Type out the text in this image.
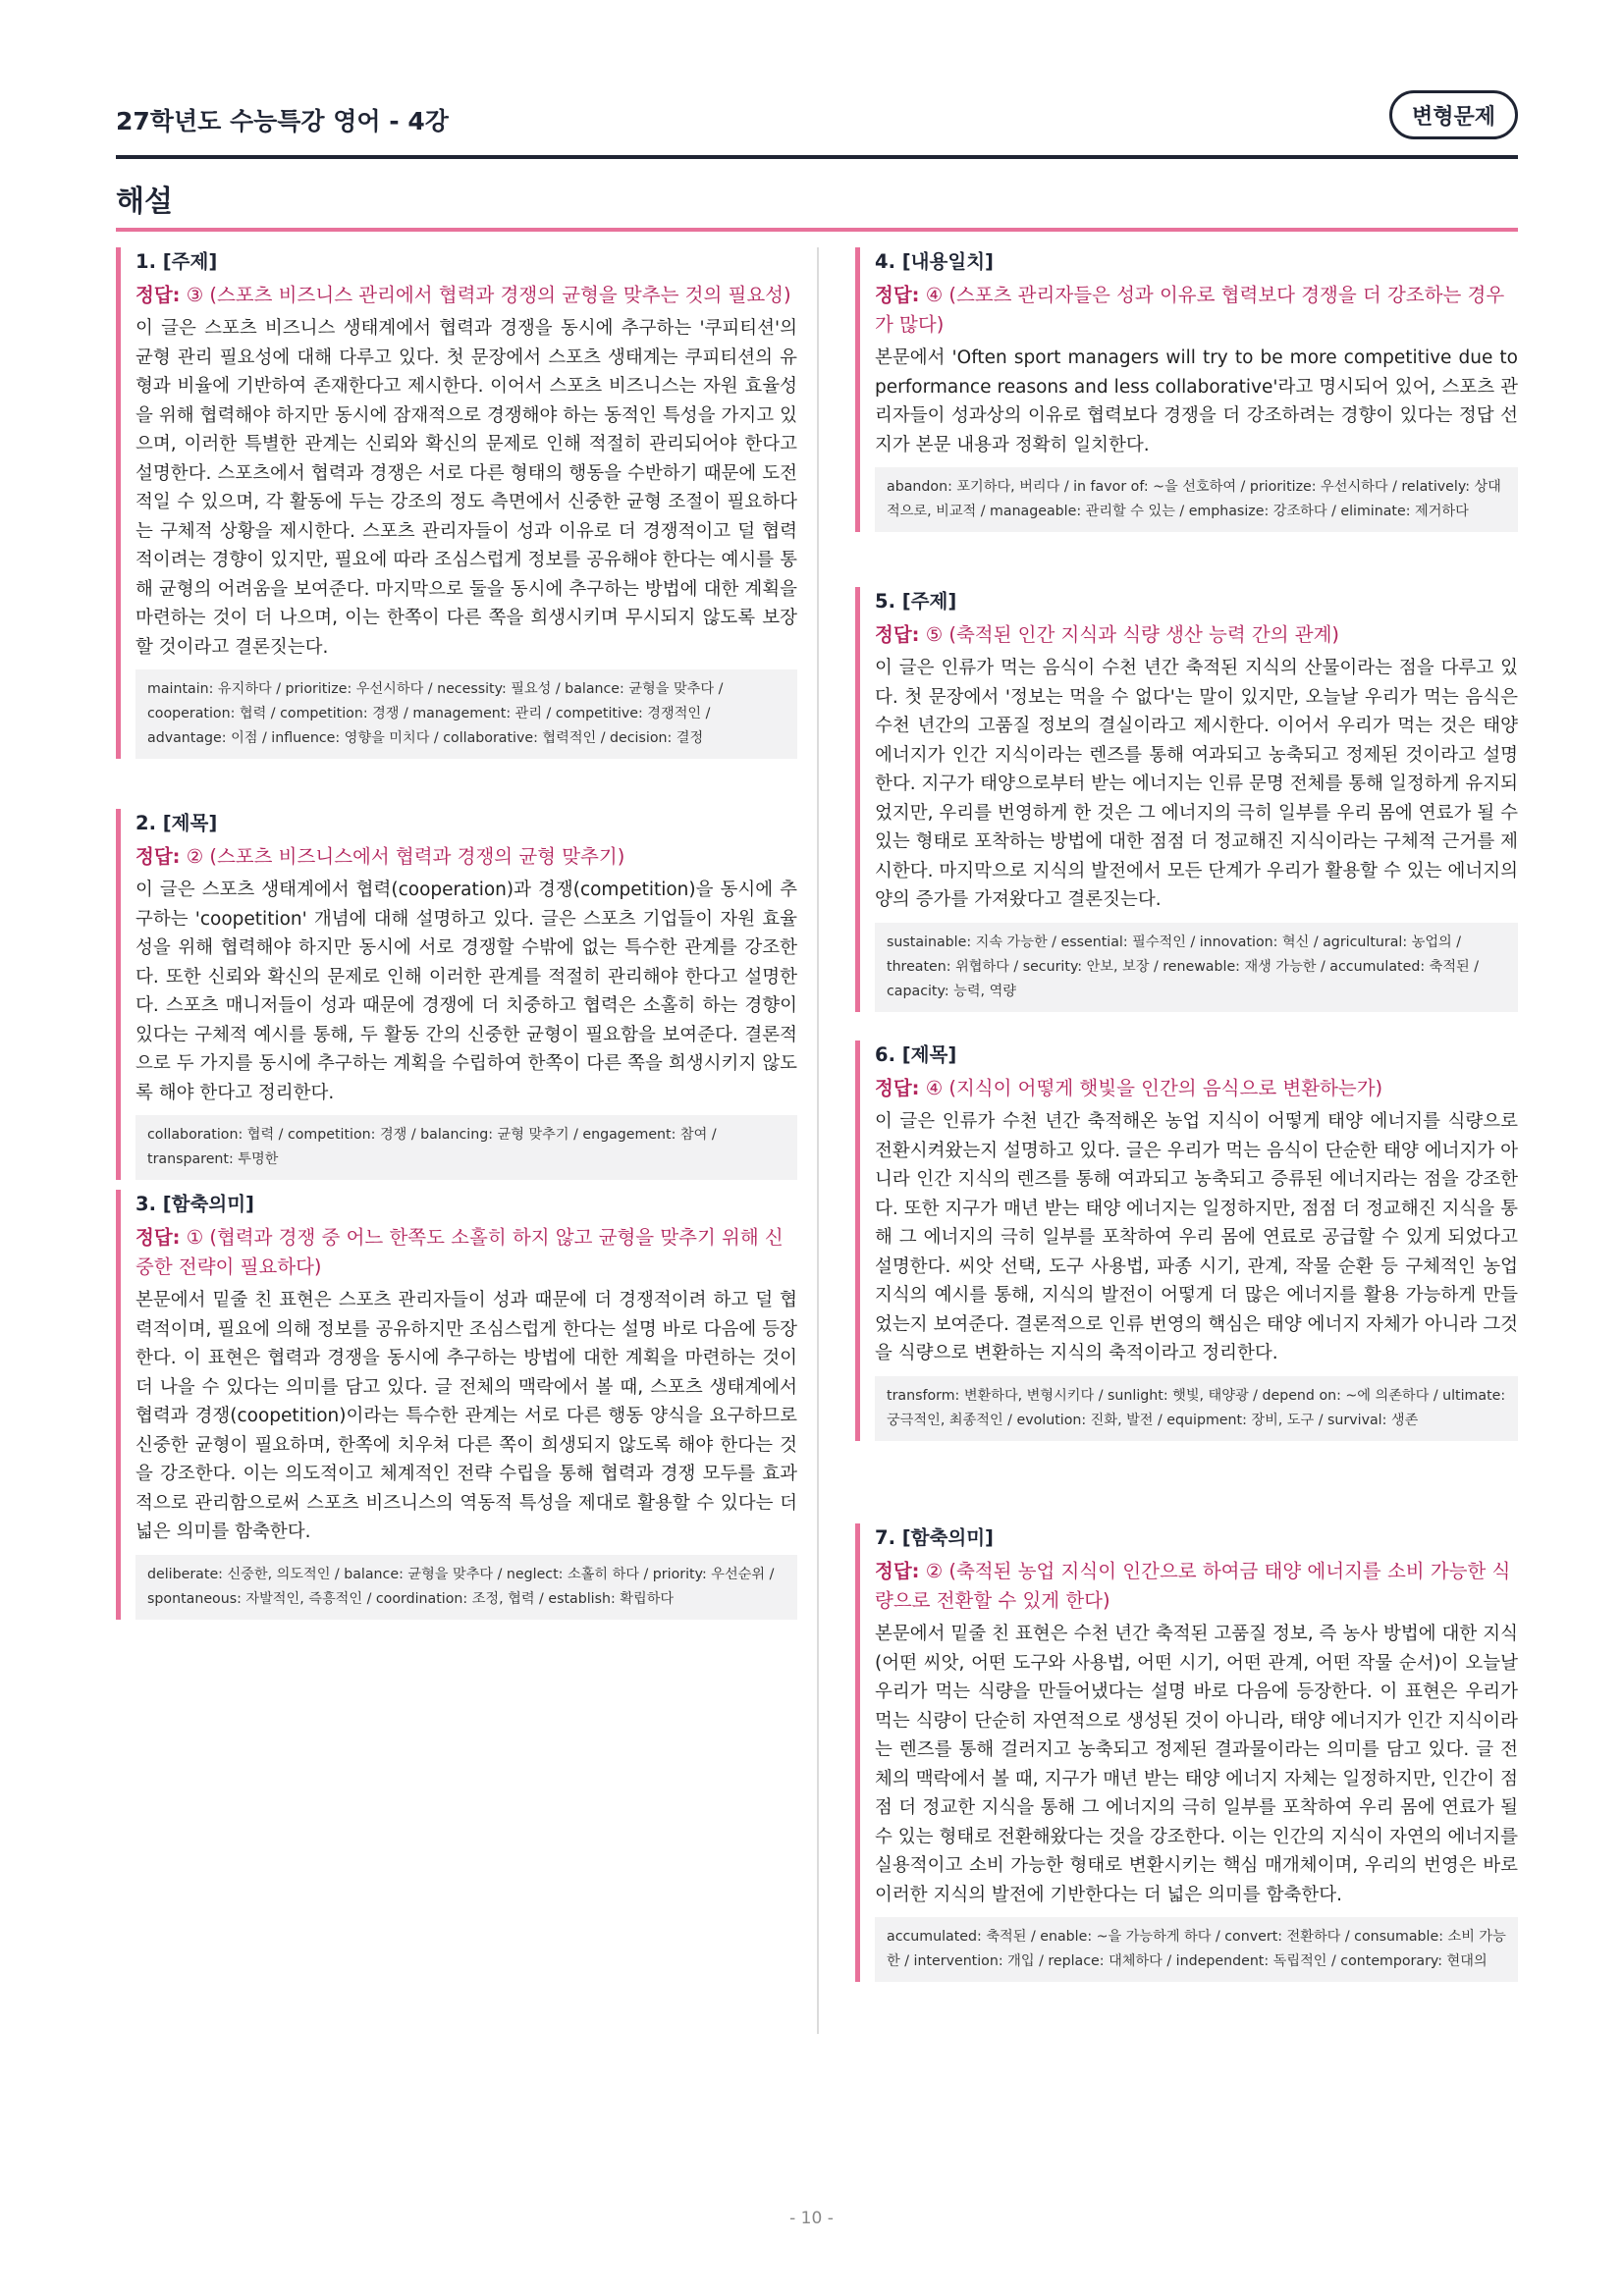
27학년도 수능특강 영어 - 4강	변형문제
해설
1. [주제]
정답: ③ (스포츠 비즈니스 관리에서 협력과 경쟁의 균형을 맞추는 것의 필요성)
이 글은 스포츠 비즈니스 생태계에서 협력과 경쟁을 동시에 추구하는 '쿠피티션'의 균형 관리 필요성에 대해 다루고 있다. 첫 문장에서 스포츠 생태계는 쿠피티션의 유형과 비율에 기반하여 존재한다고 제시한다. 이어서 스포츠 비즈니스는 자원 효율성을 위해 협력해야 하지만 동시에 잠재적으로 경쟁해야 하는 동적인 특성을 가지고 있으며, 이러한 특별한 관계는 신뢰와 확신의 문제로 인해 적절히 관리되어야 한다고 설명한다. 스포츠에서 협력과 경쟁은 서로 다른 형태의 행동을 수반하기 때문에 도전적일 수 있으며, 각 활동에 두는 강조의 정도 측면에서 신중한 균형 조절이 필요하다는 구체적 상황을 제시한다. 스포츠 관리자들이 성과 이유로 더 경쟁적이고 덜 협력적이려는 경향이 있지만, 필요에 따라 조심스럽게 정보를 공유해야 한다는 예시를 통해 균형의 어려움을 보여준다. 마지막으로 둘을 동시에 추구하는 방법에 대한 계획을 마련하는 것이 더 나으며, 이는 한쪽이 다른 쪽을 희생시키며 무시되지 않도록 보장할 것이라고 결론짓는다.
maintain: 유지하다 / prioritize: 우선시하다 / necessity: 필요성 / balance: 균형을 맞추다 / cooperation: 협력 / competition: 경쟁 / management: 관리 / competitive: 경쟁적인 / advantage: 이점 / influence: 영향을 미치다 / collaborative: 협력적인 / decision: 결정
2. [제목]
정답: ② (스포츠 비즈니스에서 협력과 경쟁의 균형 맞추기)
이 글은 스포츠 생태계에서 협력(cooperation)과 경쟁(competition)을 동시에 추구하는 'coopetition' 개념에 대해 설명하고 있다. 글은 스포츠 기업들이 자원 효율성을 위해 협력해야 하지만 동시에 서로 경쟁할 수밖에 없는 특수한 관계를 강조한다. 또한 신뢰와 확신의 문제로 인해 이러한 관계를 적절히 관리해야 한다고 설명한다. 스포츠 매니저들이 성과 때문에 경쟁에 더 치중하고 협력은 소홀히 하는 경향이 있다는 구체적 예시를 통해, 두 활동 간의 신중한 균형이 필요함을 보여준다. 결론적으로 두 가지를 동시에 추구하는 계획을 수립하여 한쪽이 다른 쪽을 희생시키지 않도록 해야 한다고 정리한다.
collaboration: 협력 / competition: 경쟁 / balancing: 균형 맞추기 / engagement: 참여 / transparent: 투명한
3. [함축의미]
정답: ① (협력과 경쟁 중 어느 한쪽도 소홀히 하지 않고 균형을 맞추기 위해 신중한 전략이 필요하다)
본문에서 밑줄 친 표현은 스포츠 관리자들이 성과 때문에 더 경쟁적이려 하고 덜 협력적이며, 필요에 의해 정보를 공유하지만 조심스럽게 한다는 설명 바로 다음에 등장한다. 이 표현은 협력과 경쟁을 동시에 추구하는 방법에 대한 계획을 마련하는 것이 더 나을 수 있다는 의미를 담고 있다. 글 전체의 맥락에서 볼 때, 스포츠 생태계에서 협력과 경쟁(coopetition)이라는 특수한 관계는 서로 다른 행동 양식을 요구하므로 신중한 균형이 필요하며, 한쪽에 치우쳐 다른 쪽이 희생되지 않도록 해야 한다는 것을 강조한다. 이는 의도적이고 체계적인 전략 수립을 통해 협력과 경쟁 모두를 효과적으로 관리함으로써 스포츠 비즈니스의 역동적 특성을 제대로 활용할 수 있다는 더 넓은 의미를 함축한다.
deliberate: 신중한, 의도적인 / balance: 균형을 맞추다 / neglect: 소홀히 하다 / priority: 우선순위 / spontaneous: 자발적인, 즉흥적인 / coordination: 조정, 협력 / establish: 확립하다
4. [내용일치]
정답: ④ (스포츠 관리자들은 성과 이유로 협력보다 경쟁을 더 강조하는 경우가 많다)
본문에서 'Often sport managers will try to be more competitive due to performance reasons and less collaborative'라고 명시되어 있어, 스포츠 관리자들이 성과상의 이유로 협력보다 경쟁을 더 강조하려는 경향이 있다는 정답 선지가 본문 내용과 정확히 일치한다.
abandon: 포기하다, 버리다 / in favor of: ~을 선호하여 / prioritize: 우선시하다 / relatively: 상대적으로, 비교적 / manageable: 관리할 수 있는 / emphasize: 강조하다 / eliminate: 제거하다
5. [주제]
정답: ⑤ (축적된 인간 지식과 식량 생산 능력 간의 관계)
이 글은 인류가 먹는 음식이 수천 년간 축적된 지식의 산물이라는 점을 다루고 있다. 첫 문장에서 '정보는 먹을 수 없다'는 말이 있지만, 오늘날 우리가 먹는 음식은 수천 년간의 고품질 정보의 결실이라고 제시한다. 이어서 우리가 먹는 것은 태양 에너지가 인간 지식이라는 렌즈를 통해 여과되고 농축되고 정제된 것이라고 설명한다. 지구가 태양으로부터 받는 에너지는 인류 문명 전체를 통해 일정하게 유지되었지만, 우리를 번영하게 한 것은 그 에너지의 극히 일부를 우리 몸에 연료가 될 수 있는 형태로 포착하는 방법에 대한 점점 더 정교해진 지식이라는 구체적 근거를 제시한다. 마지막으로 지식의 발전에서 모든 단계가 우리가 활용할 수 있는 에너지의 양의 증가를 가져왔다고 결론짓는다.
sustainable: 지속 가능한 / essential: 필수적인 / innovation: 혁신 / agricultural: 농업의 / threaten: 위협하다 / security: 안보, 보장 / renewable: 재생 가능한 / accumulated: 축적된 / capacity: 능력, 역량
6. [제목]
정답: ④ (지식이 어떻게 햇빛을 인간의 음식으로 변환하는가)
이 글은 인류가 수천 년간 축적해온 농업 지식이 어떻게 태양 에너지를 식량으로 전환시켜왔는지 설명하고 있다. 글은 우리가 먹는 음식이 단순한 태양 에너지가 아니라 인간 지식의 렌즈를 통해 여과되고 농축되고 증류된 에너지라는 점을 강조한다. 또한 지구가 매년 받는 태양 에너지는 일정하지만, 점점 더 정교해진 지식을 통해 그 에너지의 극히 일부를 포착하여 우리 몸에 연료로 공급할 수 있게 되었다고 설명한다. 씨앗 선택, 도구 사용법, 파종 시기, 관계, 작물 순환 등 구체적인 농업 지식의 예시를 통해, 지식의 발전이 어떻게 더 많은 에너지를 활용 가능하게 만들었는지 보여준다. 결론적으로 인류 번영의 핵심은 태양 에너지 자체가 아니라 그것을 식량으로 변환하는 지식의 축적이라고 정리한다.
transform: 변환하다, 변형시키다 / sunlight: 햇빛, 태양광 / depend on: ~에 의존하다 / ultimate: 궁극적인, 최종적인 / evolution: 진화, 발전 / equipment: 장비, 도구 / survival: 생존
7. [함축의미]
정답: ② (축적된 농업 지식이 인간으로 하여금 태양 에너지를 소비 가능한 식량으로 전환할 수 있게 한다)
본문에서 밑줄 친 표현은 수천 년간 축적된 고품질 정보, 즉 농사 방법에 대한 지식(어떤 씨앗, 어떤 도구와 사용법, 어떤 시기, 어떤 관계, 어떤 작물 순서)이 오늘날 우리가 먹는 식량을 만들어냈다는 설명 바로 다음에 등장한다. 이 표현은 우리가 먹는 식량이 단순히 자연적으로 생성된 것이 아니라, 태양 에너지가 인간 지식이라는 렌즈를 통해 걸러지고 농축되고 정제된 결과물이라는 의미를 담고 있다. 글 전체의 맥락에서 볼 때, 지구가 매년 받는 태양 에너지 자체는 일정하지만, 인간이 점점 더 정교한 지식을 통해 그 에너지의 극히 일부를 포착하여 우리 몸에 연료가 될 수 있는 형태로 전환해왔다는 것을 강조한다. 이는 인간의 지식이 자연의 에너지를 실용적이고 소비 가능한 형태로 변환시키는 핵심 매개체이며, 우리의 번영은 바로 이러한 지식의 발전에 기반한다는 더 넓은 의미를 함축한다.
accumulated: 축적된 / enable: ~을 가능하게 하다 / convert: 전환하다 / consumable: 소비 가능한 / intervention: 개입 / replace: 대체하다 / independent: 독립적인 / contemporary: 현대의
- 10 -
